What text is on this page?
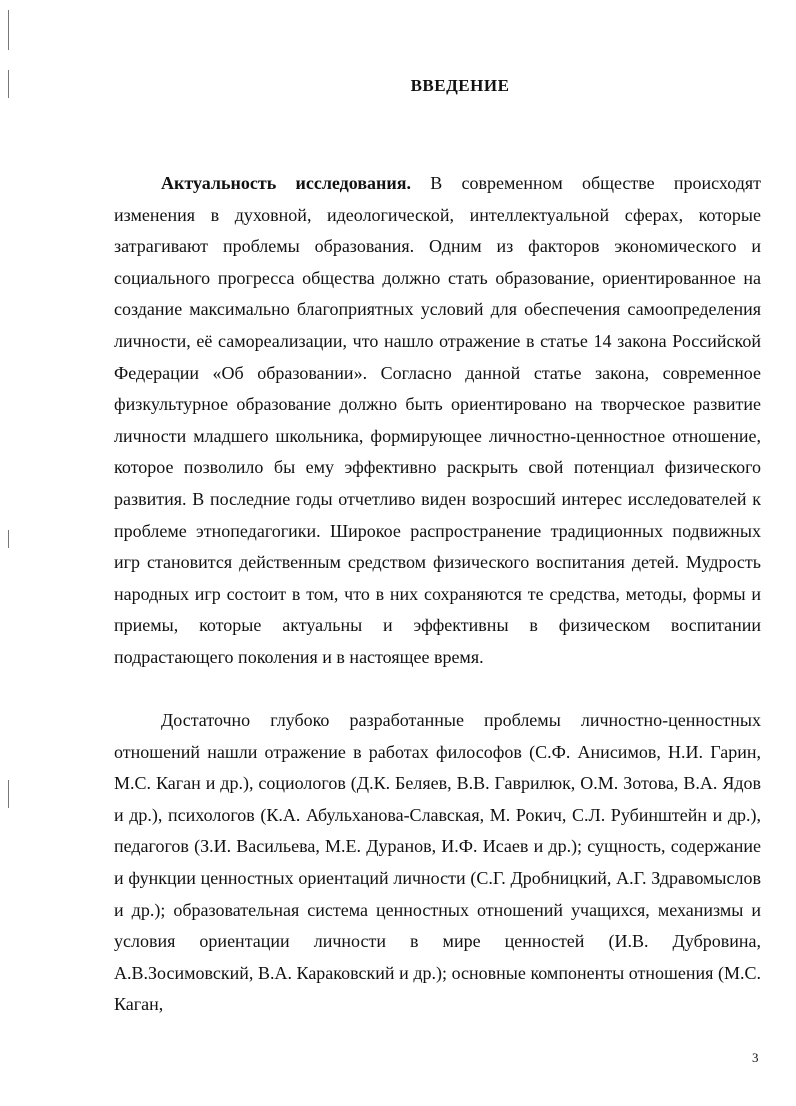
ВВЕДЕНИЕ

Актуальность исследования. В современном обществе происходят изменения в духовной, идеологической, интеллектуальной сферах, которые затрагивают проблемы образования. Одним из факторов экономического и социального прогресса общества должно стать образование, ориентированное на создание максимально благоприятных условий для обеспечения самоопределения личности, её самореализации, что нашло отражение в статье 14 закона Российской Федерации «Об образовании». Согласно данной статье закона, современное физкультурное образование должно быть ориентировано на творческое развитие личности младшего школьника, формирующее личностно-ценностное отношение, которое позволило бы ему эффективно раскрыть свой потенциал физического развития. В последние годы отчетливо виден возросший интерес исследователей к проблеме этнопедагогики. Широкое распространение традиционных подвижных игр становится действенным средством физического воспитания детей. Мудрость народных игр состоит в том, что в них сохраняются те средства, методы, формы и приемы, которые актуальны и эффективны в физическом воспитании подрастающего поколения и в настоящее время.

Достаточно глубоко разработанные проблемы личностно-ценностных отношений нашли отражение в работах философов (С.Ф. Анисимов, Н.И. Гарин, М.С. Каган и др.), социологов (Д.К. Беляев, В.В. Гаврилюк, О.М. Зотова, В.А. Ядов и др.), психологов (К.А. Абульханова-Славская, М. Рокич, С.Л. Рубинштейн и др.), педагогов (З.И. Васильева, М.Е. Дуранов, И.Ф. Исаев и др.); сущность, содержание и функции ценностных ориентаций личности (С.Г. Дробницкий, А.Г. Здравомыслов и др.); образовательная система ценностных отношений учащихся, механизмы и условия ориентации личности в мире ценностей (И.В. Дубровина, А.В.Зосимовский, В.А. Караковский и др.); основные компоненты отношения (М.С. Каган,

3
